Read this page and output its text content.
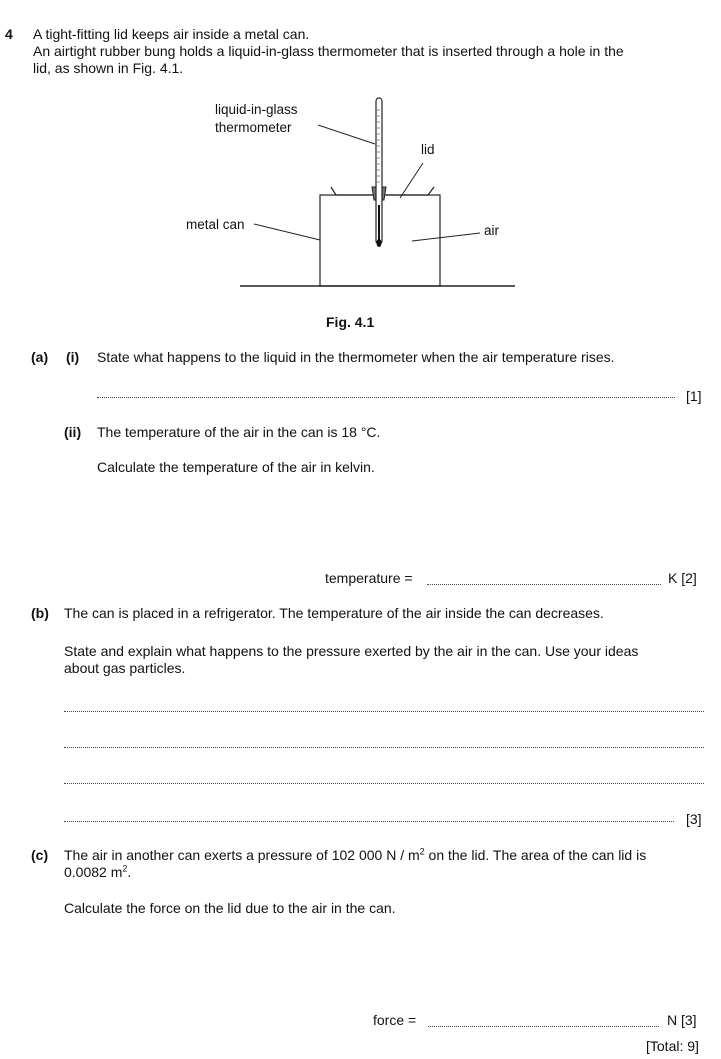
4 A tight-fitting lid keeps air inside a metal can.
An airtight rubber bung holds a liquid-in-glass thermometer that is inserted through a hole in the
lid, as shown in Fig. 4.1.
liquid-in-glass
thermometer
lid
metal can	air
Fig. 4.1
(a) (i) State what happens to the liquid in the thermometer when the air temperature rises.
[1]
(ii) The temperature of the air in the can is 18 °C.
Calculate the temperature of the air in kelvin.
temperature =	K [2]
(b) The can is placed in a refrigerator. The temperature of the air inside the can decreases.
State and explain what happens to the pressure exerted by the air in the can. Use your ideas
about gas particles.
[3]
(c) The air in another can exerts a pressure of 102 000 N / $m^2$ on the lid. The area of the can lid is
0.0082 $m^2$.
Calculate the force on the lid due to the air in the can.
force =	N [3]
[Total: 9]
